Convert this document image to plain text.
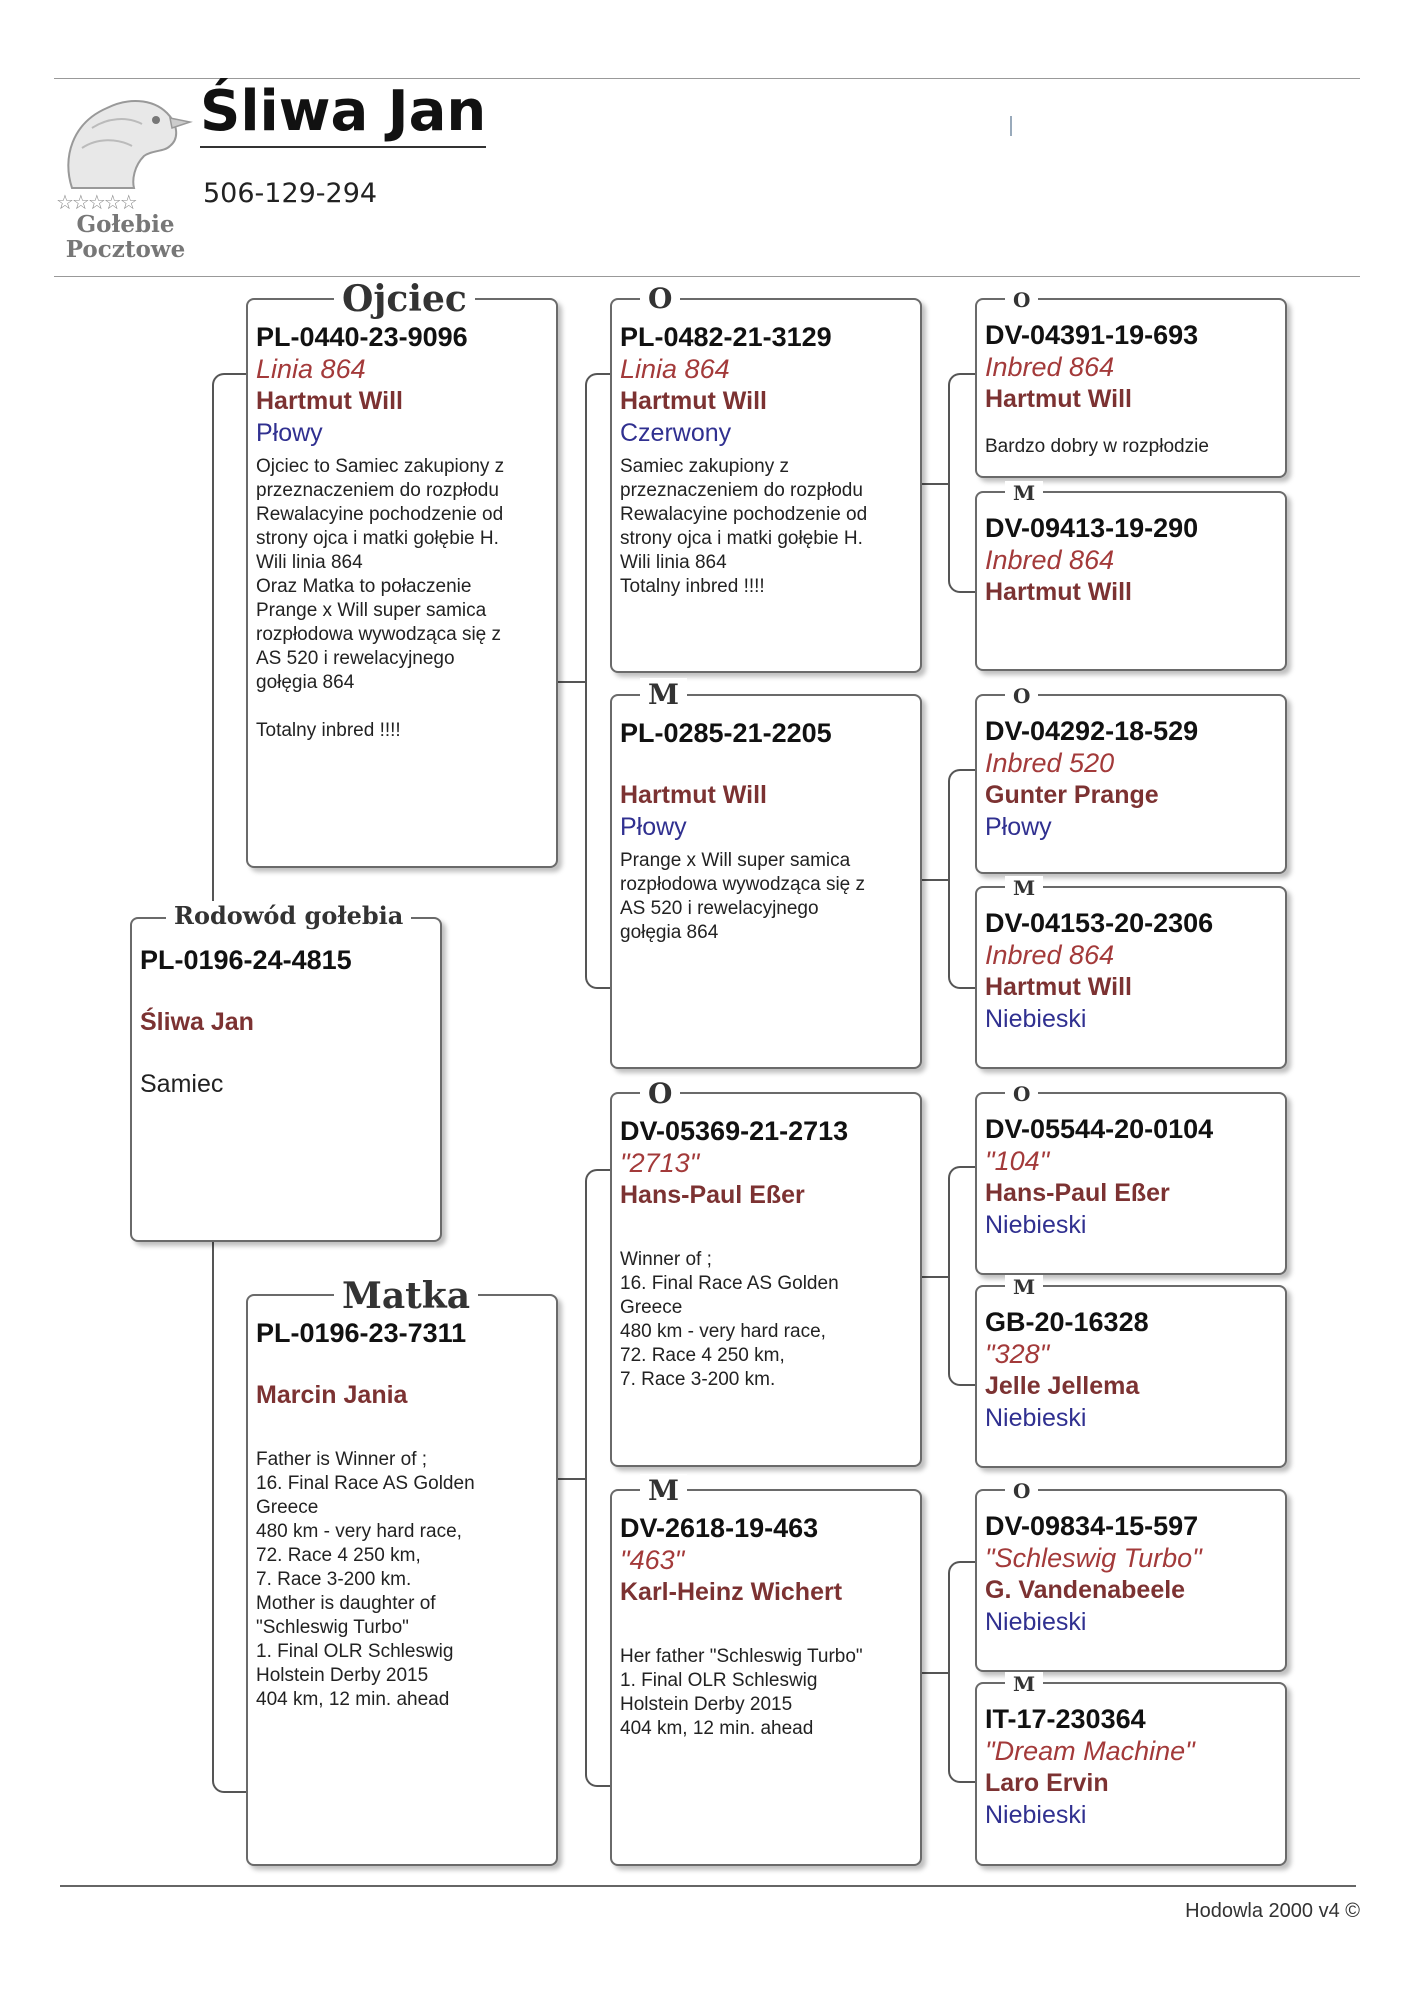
☆☆☆☆☆
Gołebie
Pocztowe
Śliwa Jan
506-129-294
PL-0196-24-4815
Śliwa Jan
Samiec
Rodowód gołebia
PL-0440-23-9096
Linia 864
Hartmut Will
Płowy
Ojciec to Samiec zakupiony z
przeznaczeniem do rozpłodu
Rewalacyine pochodzenie od
strony ojca i matki gołębie H.
Wili linia 864
Oraz Matka to połaczenie
Prange x Will super samica
rozpłodowa wywodząca się z
AS 520 i rewelacyjnego
gołęgia 864

Totalny inbred !!!!
Ojciec
PL-0196-23-7311
Marcin Jania
Father is Winner of ;
16. Final Race AS Golden
Greece
480 km - very hard race,
72. Race 4 250 km,
7. Race 3-200 km.
Mother is daughter of
"Schleswig Turbo"
1. Final OLR Schleswig
Holstein Derby 2015
404 km, 12 min. ahead
Matka
PL-0482-21-3129
Linia 864
Hartmut Will
Czerwony
Samiec zakupiony z
przeznaczeniem do rozpłodu
Rewalacyine pochodzenie od
strony ojca i matki gołębie H.
Wili linia 864
Totalny inbred !!!!
O
PL-0285-21-2205
Hartmut Will
Płowy
Prange x Will super samica
rozpłodowa wywodząca się z
AS 520 i rewelacyjnego
gołęgia 864
M
DV-05369-21-2713
"2713"
Hans-Paul Eßer
Winner of ;
16. Final Race AS Golden
Greece
480 km - very hard race,
72. Race 4 250 km,
7. Race 3-200 km.
O
DV-2618-19-463
"463"
Karl-Heinz Wichert
Her father "Schleswig Turbo"
1. Final OLR Schleswig
Holstein Derby 2015
404 km, 12 min. ahead
M
DV-04391-19-693
Inbred 864
Hartmut Will
Bardzo dobry w rozpłodzie
O
DV-09413-19-290
Inbred 864
Hartmut Will
M
DV-04292-18-529
Inbred 520
Gunter Prange
Płowy
O
DV-04153-20-2306
Inbred 864
Hartmut Will
Niebieski
M
DV-05544-20-0104
"104"
Hans-Paul Eßer
Niebieski
O
GB-20-16328
"328"
Jelle Jellema
Niebieski
M
DV-09834-15-597
"Schleswig Turbo"
G. Vandenabeele
Niebieski
O
IT-17-230364
"Dream Machine"
Laro Ervin
Niebieski
M
Hodowla 2000 v4 ©
